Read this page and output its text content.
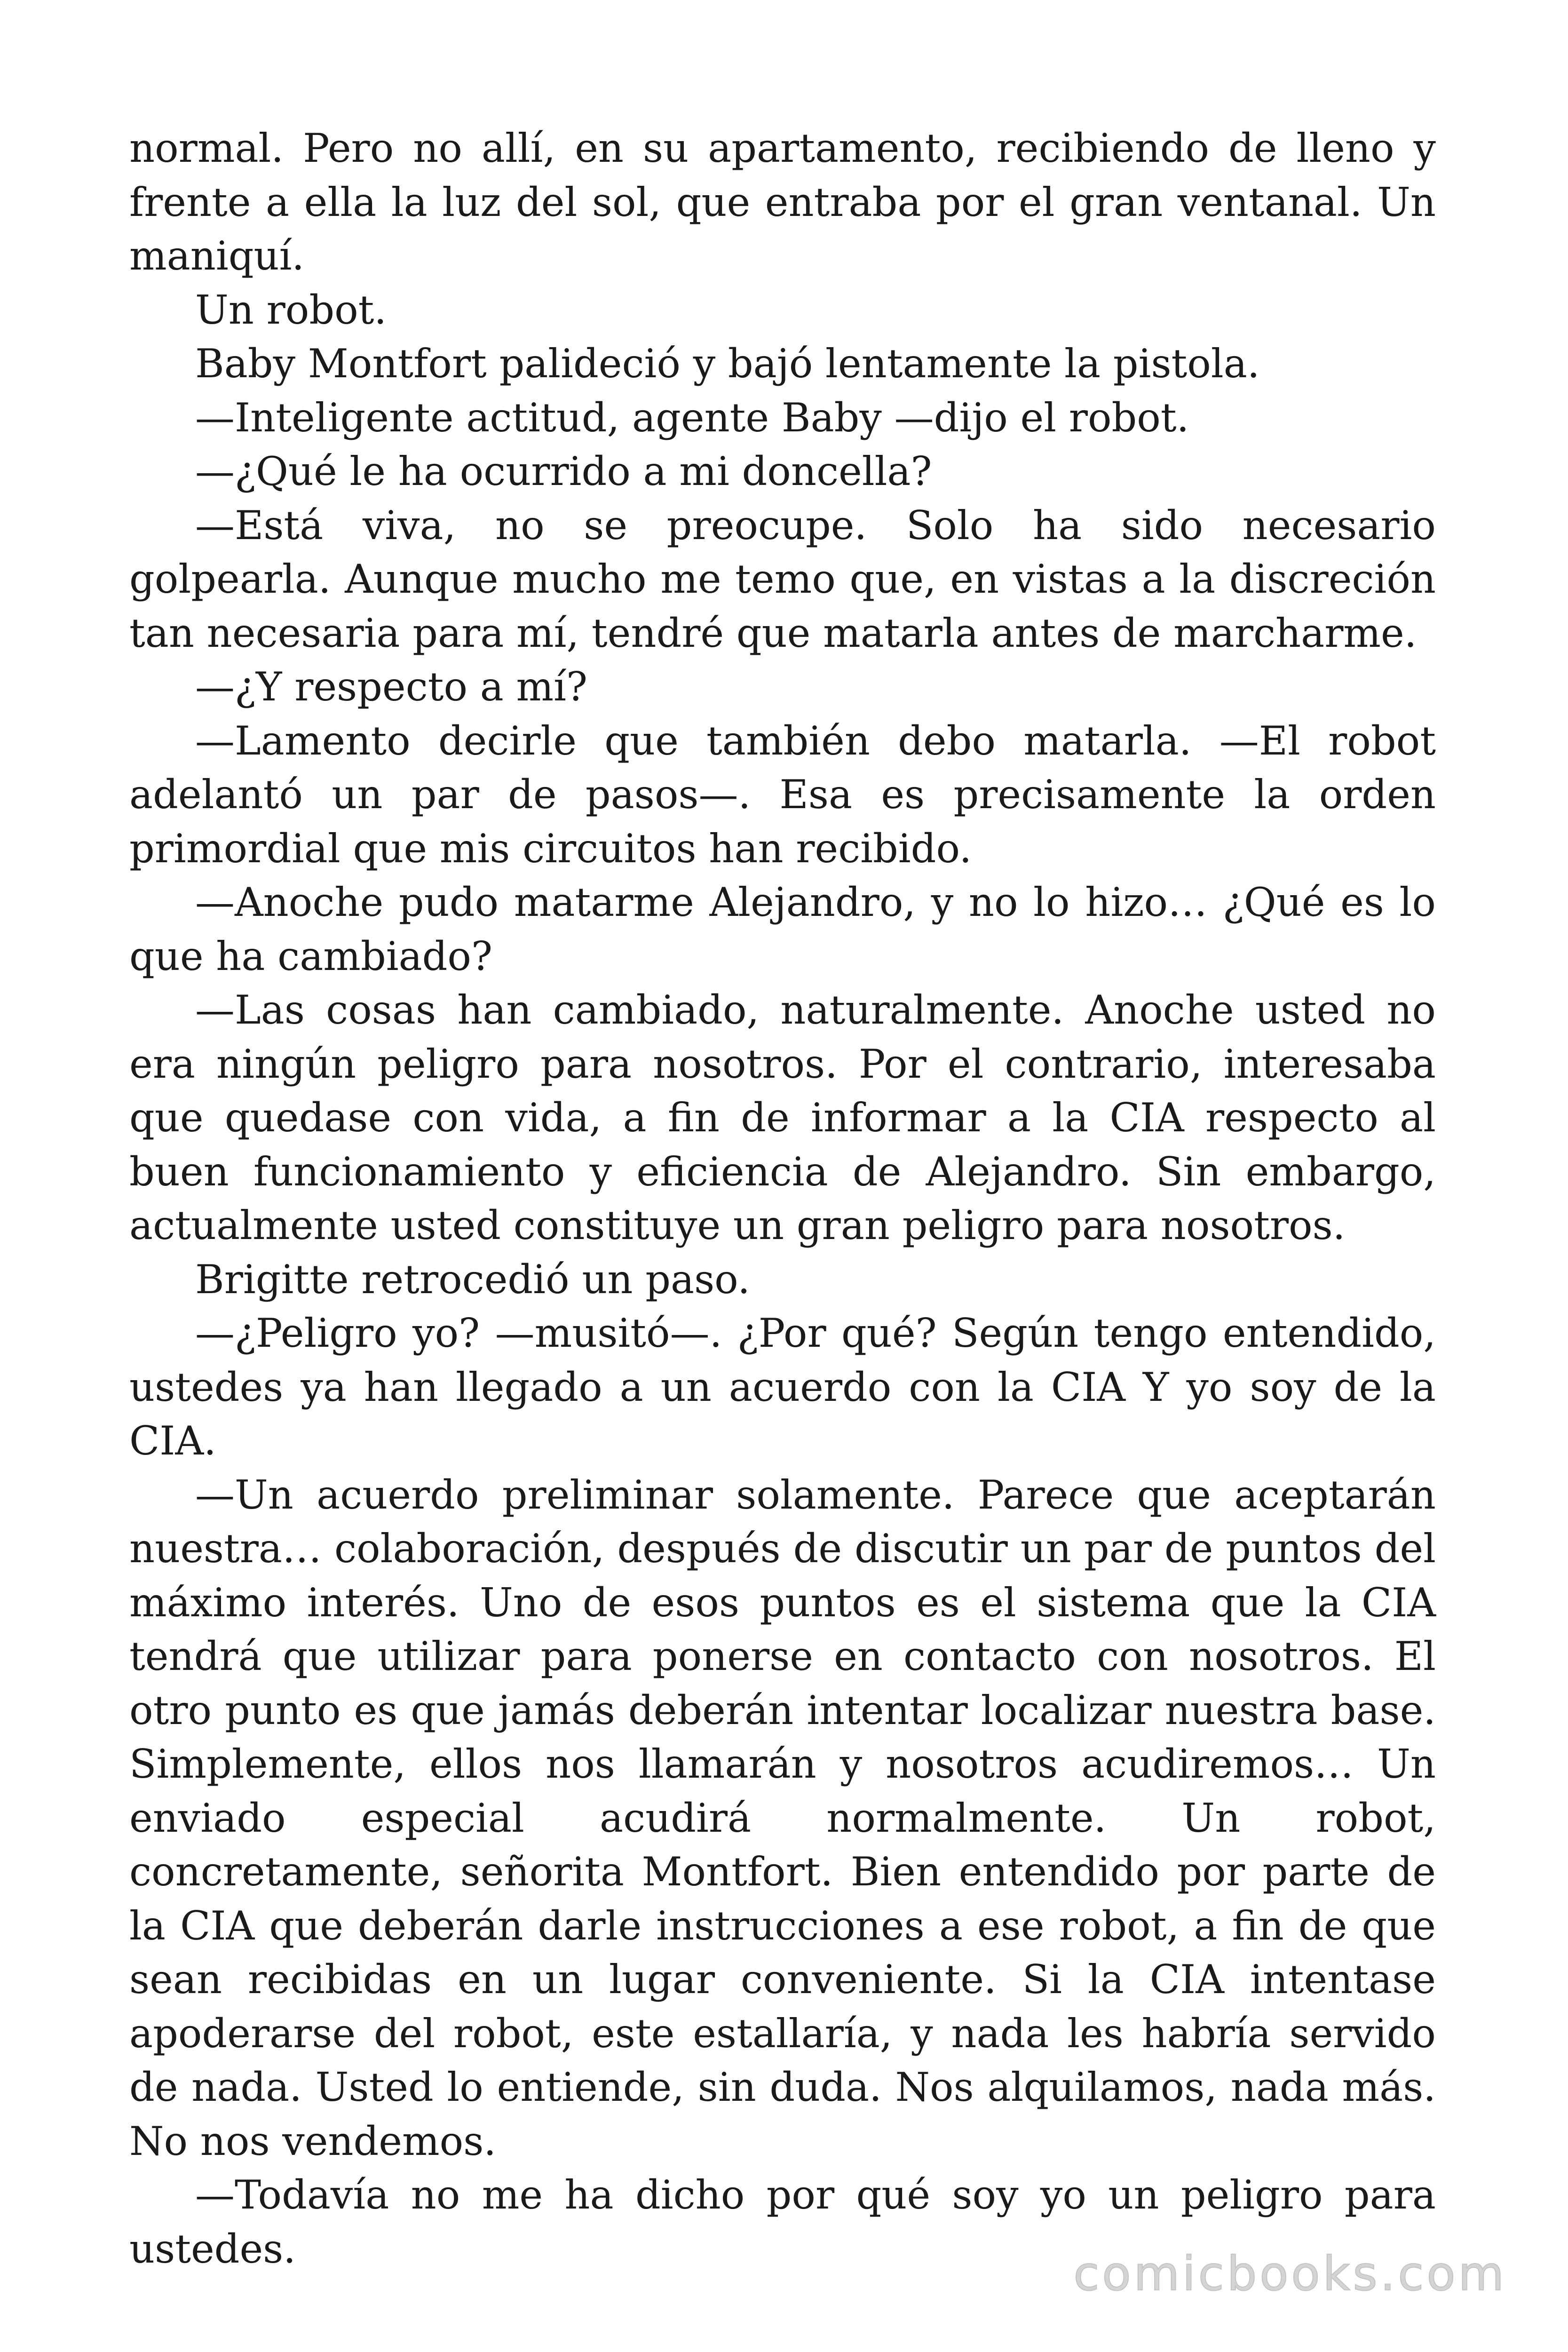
normal. Pero no allí, en su apartamento, recibiendo de lleno y frente a ella la luz del sol, que entraba por el gran ventanal. Un maniquí.

Un robot.

Baby Montfort palideció y bajó lentamente la pistola.

—Inteligente actitud, agente Baby —dijo el robot.

—¿Qué le ha ocurrido a mi doncella?

—Está viva, no se preocupe. Solo ha sido necesario golpearla. Aunque mucho me temo que, en vistas a la discreción tan necesaria para mí, tendré que matarla antes de marcharme.

—¿Y respecto a mí?

—Lamento decirle que también debo matarla. —El robot adelantó un par de pasos—. Esa es precisamente la orden primordial que mis circuitos han recibido.

—Anoche pudo matarme Alejandro, y no lo hizo… ¿Qué es lo que ha cambiado?

—Las cosas han cambiado, naturalmente. Anoche usted no era ningún peligro para nosotros. Por el contrario, interesaba que quedase con vida, a fin de informar a la CIA respecto al buen funcionamiento y eficiencia de Alejandro. Sin embargo, actualmente usted constituye un gran peligro para nosotros.

Brigitte retrocedió un paso.

—¿Peligro yo? —musitó—. ¿Por qué? Según tengo entendido, ustedes ya han llegado a un acuerdo con la CIA Y yo soy de la CIA.

—Un acuerdo preliminar solamente. Parece que aceptarán nuestra… colaboración, después de discutir un par de puntos del máximo interés. Uno de esos puntos es el sistema que la CIA tendrá que utilizar para ponerse en contacto con nosotros. El otro punto es que jamás deberán intentar localizar nuestra base. Simplemente, ellos nos llamarán y nosotros acudiremos… Un enviado especial acudirá normalmente. Un robot, concretamente, señorita Montfort. Bien entendido por parte de la CIA que deberán darle instrucciones a ese robot, a fin de que sean recibidas en un lugar conveniente. Si la CIA intentase apoderarse del robot, este estallaría, y nada les habría servido de nada. Usted lo entiende, sin duda. Nos alquilamos, nada más. No nos vendemos.

—Todavía no me ha dicho por qué soy yo un peligro para ustedes.	comicbooks.com
